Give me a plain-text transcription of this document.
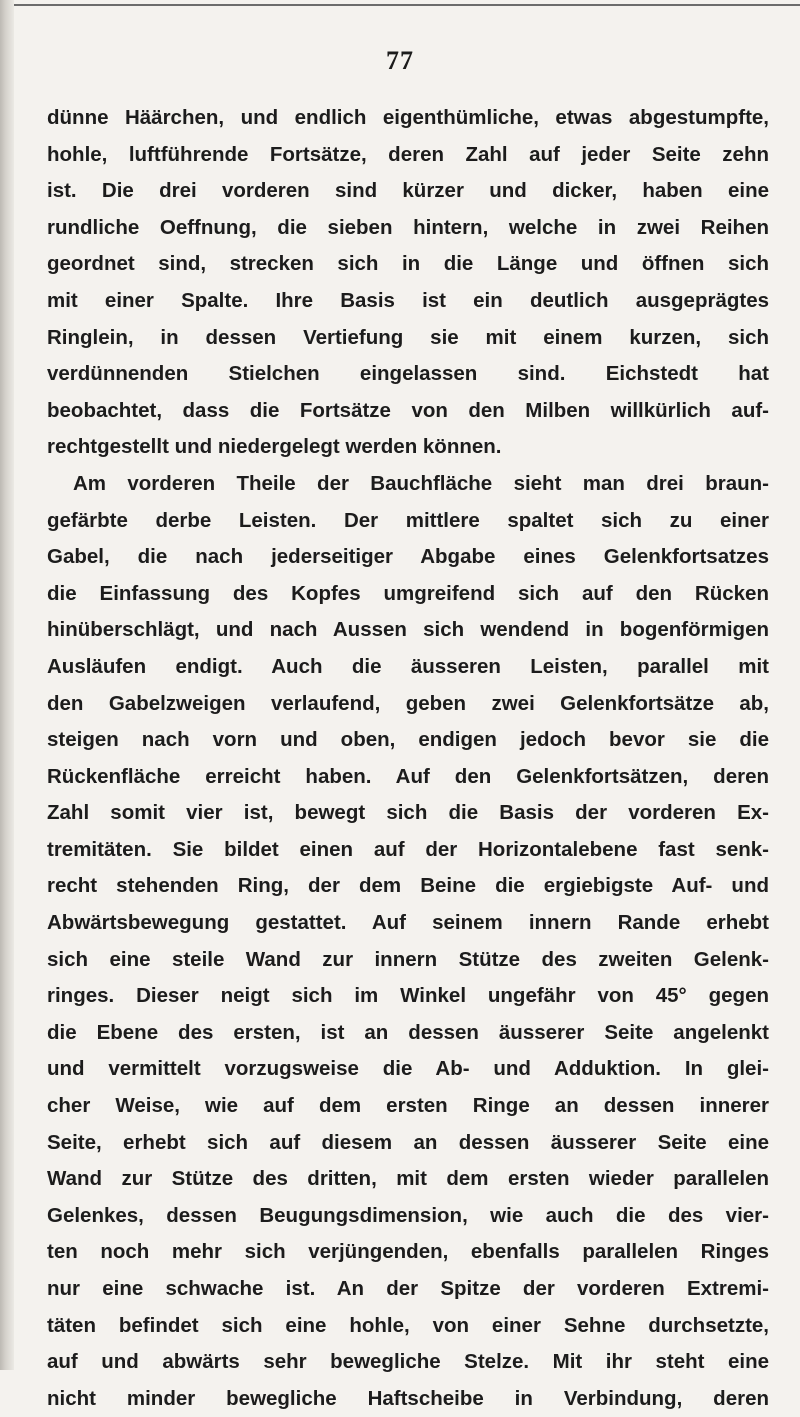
77
dünne Häärchen, und endlich eigenthümliche, etwas abgestumpfte,
hohle, luftführende Fortsätze, deren Zahl auf jeder Seite zehn
ist. Die drei vorderen sind kürzer und dicker, haben eine
rundliche Oeffnung, die sieben hintern, welche in zwei Reihen
geordnet sind, strecken sich in die Länge und öffnen sich
mit einer Spalte. Ihre Basis ist ein deutlich ausgeprägtes
Ringlein, in dessen Vertiefung sie mit einem kurzen, sich
verdünnenden Stielchen eingelassen sind. Eichstedt hat
beobachtet, dass die Fortsätze von den Milben willkürlich auf-
rechtgestellt und niedergelegt werden können.
Am vorderen Theile der Bauchfläche sieht man drei braun-
gefärbte derbe Leisten. Der mittlere spaltet sich zu einer
Gabel, die nach jederseitiger Abgabe eines Gelenkfortsatzes
die Einfassung des Kopfes umgreifend sich auf den Rücken
hinüberschlägt, und nach Aussen sich wendend in bogenförmigen
Ausläufen endigt. Auch die äusseren Leisten, parallel mit
den Gabelzweigen verlaufend, geben zwei Gelenkfortsätze ab,
steigen nach vorn und oben, endigen jedoch bevor sie die
Rückenfläche erreicht haben. Auf den Gelenkfortsätzen, deren
Zahl somit vier ist, bewegt sich die Basis der vorderen Ex-
tremitäten. Sie bildet einen auf der Horizontalebene fast senk-
recht stehenden Ring, der dem Beine die ergiebigste Auf- und
Abwärtsbewegung gestattet. Auf seinem innern Rande erhebt
sich eine steile Wand zur innern Stütze des zweiten Gelenk-
ringes. Dieser neigt sich im Winkel ungefähr von 45° gegen
die Ebene des ersten, ist an dessen äusserer Seite angelenkt
und vermittelt vorzugsweise die Ab- und Adduktion. In glei-
cher Weise, wie auf dem ersten Ringe an dessen innerer
Seite, erhebt sich auf diesem an dessen äusserer Seite eine
Wand zur Stütze des dritten, mit dem ersten wieder parallelen
Gelenkes, dessen Beugungsdimension, wie auch die des vier-
ten noch mehr sich verjüngenden, ebenfalls parallelen Ringes
nur eine schwache ist. An der Spitze der vorderen Extremi-
täten befindet sich eine hohle, von einer Sehne durchsetzte,
auf und abwärts sehr bewegliche Stelze. Mit ihr steht eine
nicht minder bewegliche Haftscheibe in Verbindung, deren
